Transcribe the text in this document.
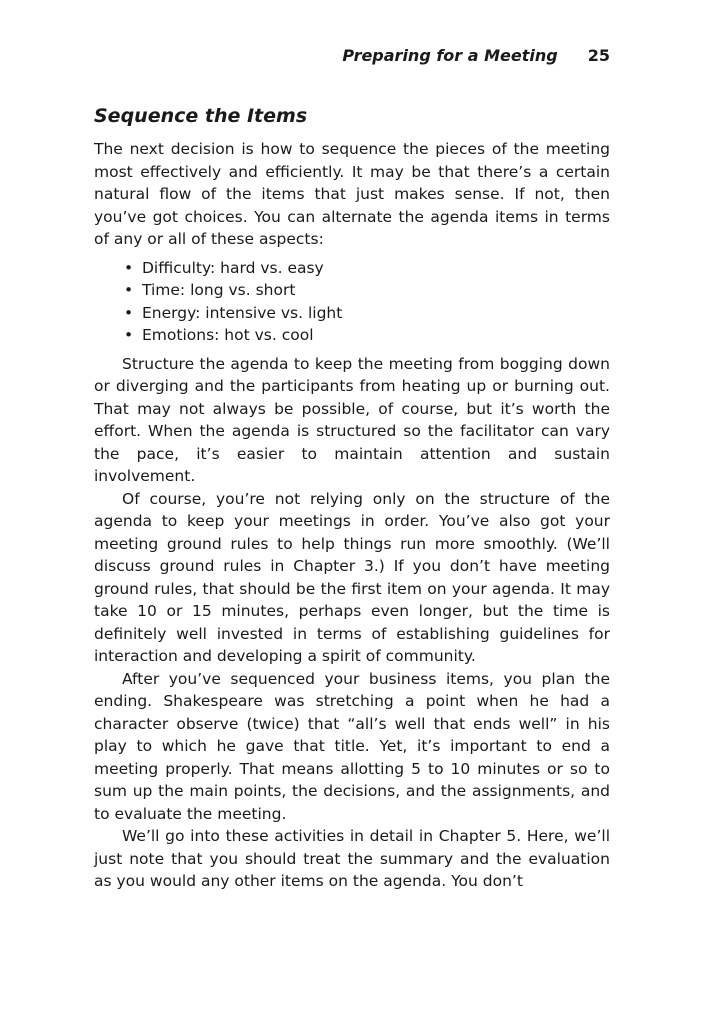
Preparing for a Meeting 25
Sequence the Items

The next decision is how to sequence the pieces of the meeting most effectively and efficiently. It may be that there’s a certain natural flow of the items that just makes sense. If not, then you’ve got choices. You can alternate the agenda items in terms of any or all of these aspects:

• Difficulty: hard vs. easy
• Time: long vs. short
• Energy: intensive vs. light
• Emotions: hot vs. cool

Structure the agenda to keep the meeting from bogging down or diverging and the participants from heating up or burning out. That may not always be possible, of course, but it’s worth the effort. When the agenda is structured so the facilitator can vary the pace, it’s easier to maintain attention and sustain involvement.

Of course, you’re not relying only on the structure of the agenda to keep your meetings in order. You’ve also got your meeting ground rules to help things run more smoothly. (We’ll discuss ground rules in Chapter 3.) If you don’t have meeting ground rules, that should be the first item on your agenda. It may take 10 or 15 minutes, perhaps even longer, but the time is definitely well invested in terms of establishing guidelines for interaction and developing a spirit of community.

After you’ve sequenced your business items, you plan the ending. Shakespeare was stretching a point when he had a character observe (twice) that “all’s well that ends well” in his play to which he gave that title. Yet, it’s important to end a meeting properly. That means allotting 5 to 10 minutes or so to sum up the main points, the decisions, and the assignments, and to evaluate the meeting.

We’ll go into these activities in detail in Chapter 5. Here, we’ll just note that you should treat the summary and the evaluation as you would any other items on the agenda. You don’t
